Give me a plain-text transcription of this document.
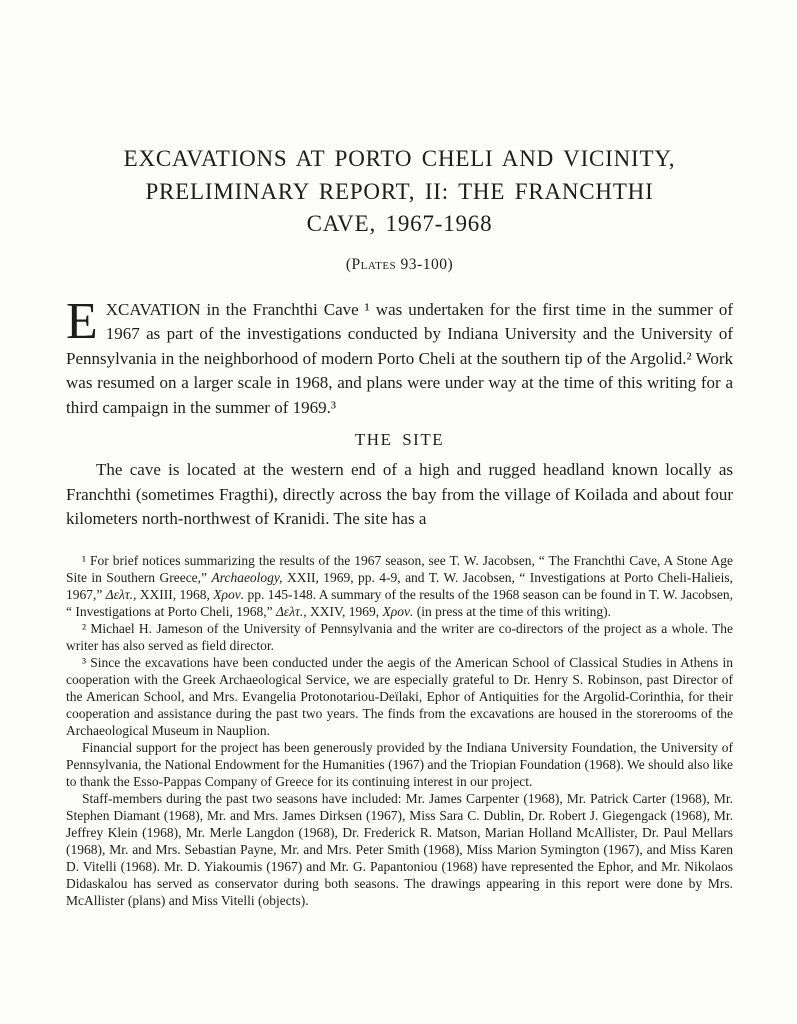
EXCAVATIONS AT PORTO CHELI AND VICINITY,
PRELIMINARY REPORT, II: THE FRANCHTHI
CAVE, 1967-1968
(Plates 93-100)

EXCAVATION in the Franchthi Cave ¹ was undertaken for the first time in the summer of 1967 as part of the investigations conducted by Indiana University and the University of Pennsylvania in the neighborhood of modern Porto Cheli at the southern tip of the Argolid.² Work was resumed on a larger scale in 1968, and plans were under way at the time of this writing for a third campaign in the summer of 1969.³

THE SITE

The cave is located at the western end of a high and rugged headland known locally as Franchthi (sometimes Fragthi), directly across the bay from the village of Koilada and about four kilometers north-northwest of Kranidi. The site has a

¹ For brief notices summarizing the results of the 1967 season, see T. W. Jacobsen, “ The Franchthi Cave, A Stone Age Site in Southern Greece,” Archaeology, XXII, 1969, pp. 4-9, and T. W. Jacobsen, “ Investigations at Porto Cheli-Halieis, 1967,” Δελτ., XXIII, 1968, Χρον. pp. 145-148. A summary of the results of the 1968 season can be found in T. W. Jacobsen, “ Investigations at Porto Cheli, 1968,” Δελτ., XXIV, 1969, Χρον. (in press at the time of this writing).

² Michael H. Jameson of the University of Pennsylvania and the writer are co-directors of the project as a whole. The writer has also served as field director.

³ Since the excavations have been conducted under the aegis of the American School of Classical Studies in Athens in cooperation with the Greek Archaeological Service, we are especially grateful to Dr. Henry S. Robinson, past Director of the American School, and Mrs. Evangelia Protonotariou-Deïlaki, Ephor of Antiquities for the Argolid-Corinthia, for their cooperation and assistance during the past two years. The finds from the excavations are housed in the storerooms of the Archaeological Museum in Nauplion.

Financial support for the project has been generously provided by the Indiana University Foundation, the University of Pennsylvania, the National Endowment for the Humanities (1967) and the Triopian Foundation (1968). We should also like to thank the Esso-Pappas Company of Greece for its continuing interest in our project.

Staff-members during the past two seasons have included: Mr. James Carpenter (1968), Mr. Patrick Carter (1968), Mr. Stephen Diamant (1968), Mr. and Mrs. James Dirksen (1967), Miss Sara C. Dublin, Dr. Robert J. Giegengack (1968), Mr. Jeffrey Klein (1968), Mr. Merle Langdon (1968), Dr. Frederick R. Matson, Marian Holland McAllister, Dr. Paul Mellars (1968), Mr. and Mrs. Sebastian Payne, Mr. and Mrs. Peter Smith (1968), Miss Marion Symington (1967), and Miss Karen D. Vitelli (1968). Mr. D. Yiakoumis (1967) and Mr. G. Papantoniou (1968) have represented the Ephor, and Mr. Nikolaos Didaskalou has served as conservator during both seasons. The drawings appearing in this report were done by Mrs. McAllister (plans) and Miss Vitelli (objects).
